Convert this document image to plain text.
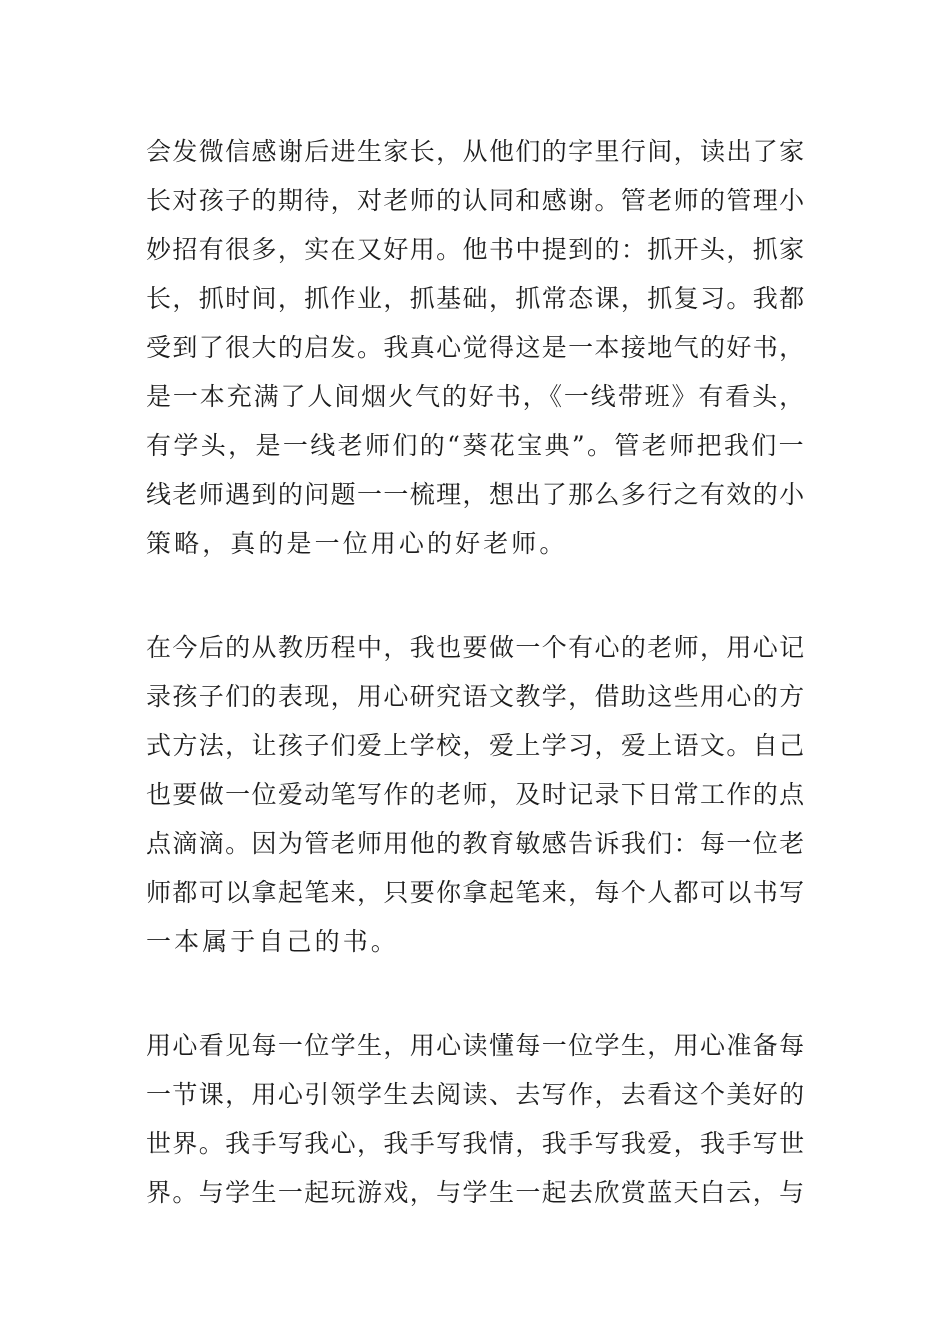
会发微信感谢后进生家长，从他们的字里行间，读出了家

长对孩子的期待，对老师的认同和感谢。管老师的管理小

妙招有很多，实在又好用。他书中提到的：抓开头，抓家

长，抓时间，抓作业，抓基础，抓常态课，抓复习。我都

受到了很大的启发。我真心觉得这是一本接地气的好书，

是一本充满了人间烟火气的好书，《一线带班》有看头，

有学头，是一线老师们的“葵花宝典”。管老师把我们一

线老师遇到的问题一一梳理，想出了那么多行之有效的小

策略，真的是一位用心的好老师。

在今后的从教历程中，我也要做一个有心的老师，用心记

录孩子们的表现，用心研究语文教学，借助这些用心的方

式方法，让孩子们爱上学校，爱上学习，爱上语文。自己

也要做一位爱动笔写作的老师，及时记录下日常工作的点

点滴滴。因为管老师用他的教育敏感告诉我们：每一位老

师都可以拿起笔来，只要你拿起笔来，每个人都可以书写

一本属于自己的书。

用心看见每一位学生，用心读懂每一位学生，用心准备每

一节课，用心引领学生去阅读、去写作，去看这个美好的

世界。我手写我心，我手写我情，我手写我爱，我手写世

界。与学生一起玩游戏，与学生一起去欣赏蓝天白云，与
